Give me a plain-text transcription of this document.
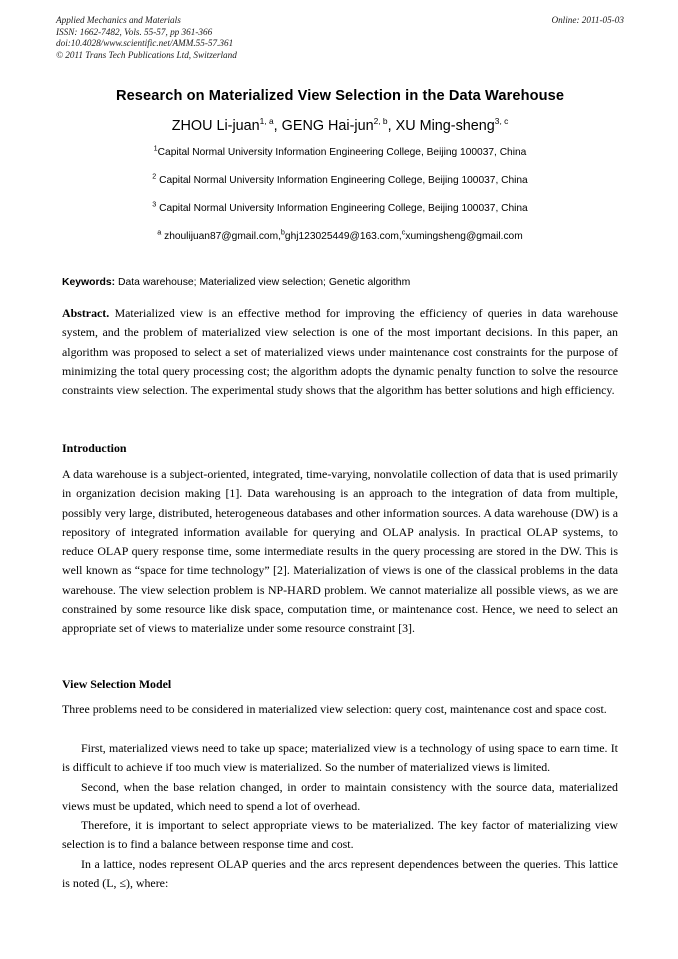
Applied Mechanics and Materials	Online: 2011-05-03
ISSN: 1662-7482, Vols. 55-57, pp 361-366
doi:10.4028/www.scientific.net/AMM.55-57.361
© 2011 Trans Tech Publications Ltd, Switzerland
Research on Materialized View Selection in the Data Warehouse
ZHOU Li-juan$^{1, a}$, GENG Hai-jun$^{2, b}$, XU Ming-sheng$^{3, c}$
$^1$Capital Normal University Information Engineering College, Beijing 100037, China
$^2$ Capital Normal University Information Engineering College, Beijing 100037, China
$^3$ Capital Normal University Information Engineering College, Beijing 100037, China
$^a$ zhoulijuan87@gmail.com,$^b$ghj123025449@163.com,$^c$xumingsheng@gmail.com
Keywords: Data warehouse; Materialized view selection; Genetic algorithm
Abstract. Materialized view is an effective method for improving the efficiency of queries in data warehouse system, and the problem of materialized view selection is one of the most important decisions. In this paper, an algorithm was proposed to select a set of materialized views under maintenance cost constraints for the purpose of minimizing the total query processing cost; the algorithm adopts the dynamic penalty function to solve the resource constraints view selection. The experimental study shows that the algorithm has better solutions and high efficiency.
Introduction

A data warehouse is a subject-oriented, integrated, time-varying, nonvolatile collection of data that is used primarily in organization decision making [1]. Data warehousing is an approach to the integration of data from multiple, possibly very large, distributed, heterogeneous databases and other information sources. A data warehouse (DW) is a repository of integrated information available for querying and OLAP analysis. In practical OLAP systems, to reduce OLAP query response time, some intermediate results in the query processing are stored in the DW. This is well known as “space for time technology” [2]. Materialization of views is one of the classical problems in the data warehouse. The view selection problem is NP-HARD problem. We cannot materialize all possible views, as we are constrained by some resource like disk space, computation time, or maintenance cost. Hence, we need to select an appropriate set of views to materialize under some resource constraint [3].

View Selection Model

Three problems need to be considered in materialized view selection: query cost, maintenance cost and space cost.

First, materialized views need to take up space; materialized view is a technology of using space to earn time. It is difficult to achieve if too much view is materialized. So the number of materialized views is limited.

Second, when the base relation changed, in order to maintain consistency with the source data, materialized views must be updated, which need to spend a lot of overhead.

Therefore, it is important to select appropriate views to be materialized. The key factor of materializing view selection is to find a balance between response time and cost.

In a lattice, nodes represent OLAP queries and the arcs represent dependences between the queries. This lattice is noted (L, ≤), where:
